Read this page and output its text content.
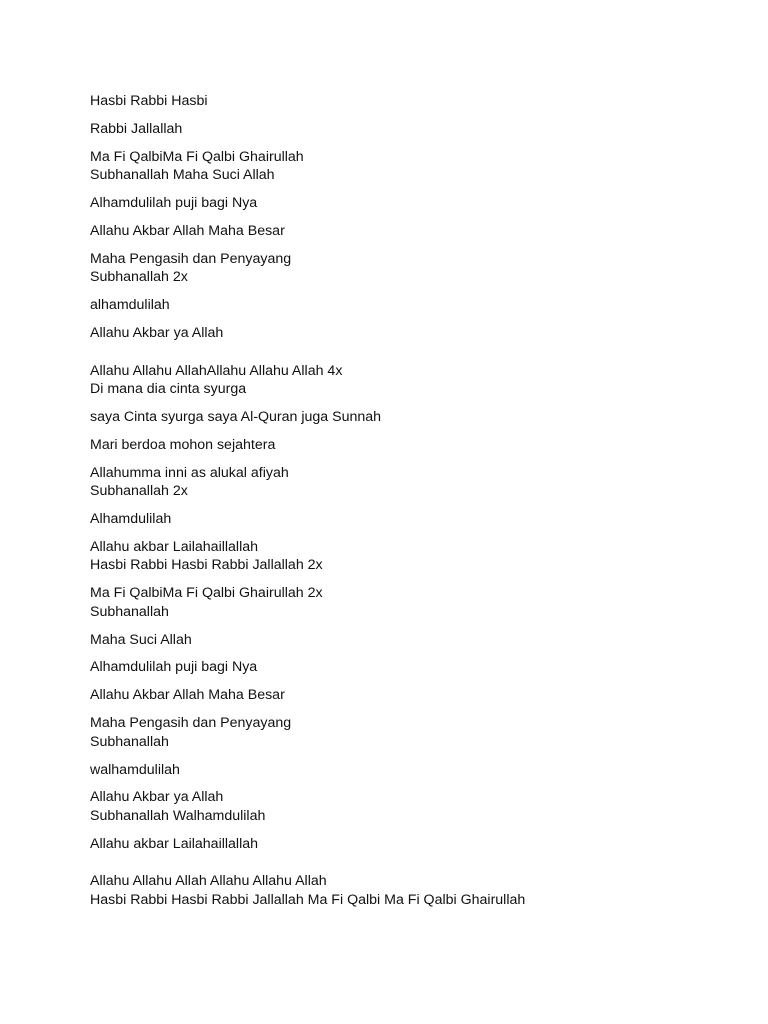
Hasbi Rabbi Hasbi

Rabbi Jallallah

Ma Fi QalbiMa Fi Qalbi Ghairullah
Subhanallah Maha Suci Allah

Alhamdulilah puji bagi Nya

Allahu Akbar Allah Maha Besar

Maha Pengasih dan Penyayang
Subhanallah 2x

alhamdulilah

Allahu Akbar ya Allah

Allahu Allahu AllahAllahu Allahu Allah 4x
Di mana dia cinta syurga

saya Cinta syurga saya Al-Quran juga Sunnah

Mari berdoa mohon sejahtera

Allahumma inni as alukal afiyah
Subhanallah 2x

Alhamdulilah

Allahu akbar Lailahaillallah
Hasbi Rabbi Hasbi Rabbi Jallallah 2x

Ma Fi QalbiMa Fi Qalbi Ghairullah 2x
Subhanallah

Maha Suci Allah

Alhamdulilah puji bagi Nya

Allahu Akbar Allah Maha Besar

Maha Pengasih dan Penyayang
Subhanallah

walhamdulilah

Allahu Akbar ya Allah
Subhanallah Walhamdulilah

Allahu akbar Lailahaillallah

Allahu Allahu Allah Allahu Allahu Allah
Hasbi Rabbi Hasbi Rabbi Jallallah Ma Fi Qalbi Ma Fi Qalbi Ghairullah
